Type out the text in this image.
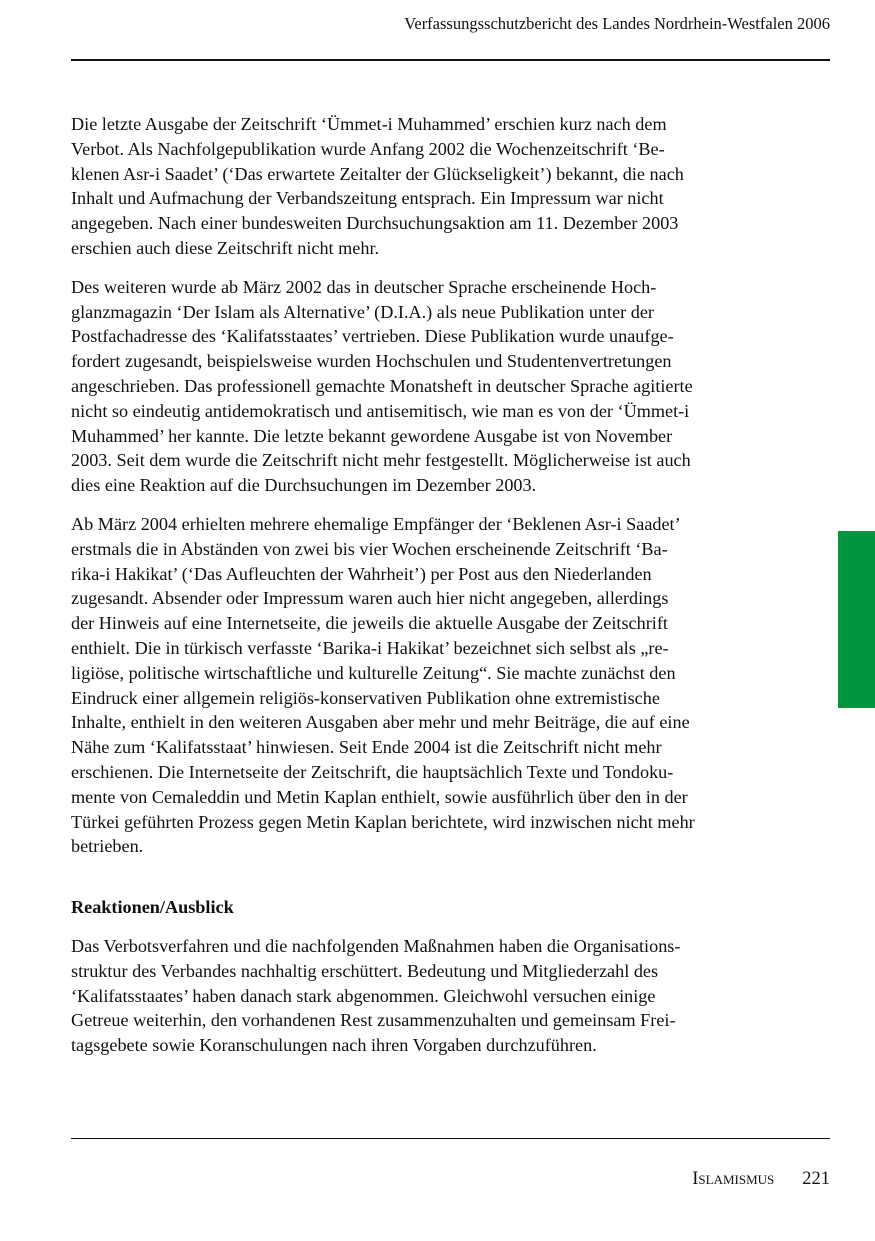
Verfassungsschutzbericht des Landes Nordrhein-Westfalen 2006

Die letzte Ausgabe der Zeitschrift ‘Ümmet-i Muhammed’ erschien kurz nach dem
Verbot. Als Nachfolgepublikation wurde Anfang 2002 die Wochenzeitschrift ‘Be-
klenen Asr-i Saadet’ (‘Das erwartete Zeitalter der Glückseligkeit’) bekannt, die nach
Inhalt und Aufmachung der Verbandszeitung entsprach. Ein Impressum war nicht
angegeben. Nach einer bundesweiten Durchsuchungsaktion am 11. Dezember 2003
erschien auch diese Zeitschrift nicht mehr.

Des weiteren wurde ab März 2002 das in deutscher Sprache erscheinende Hoch-
glanzmagazin ‘Der Islam als Alternative’ (D.I.A.) als neue Publikation unter der
Postfachadresse des ‘Kalifatsstaates’ vertrieben. Diese Publikation wurde unaufge-
fordert zugesandt, beispielsweise wurden Hochschulen und Studentenvertretungen
angeschrieben. Das professionell gemachte Monatsheft in deutscher Sprache agitierte
nicht so eindeutig antidemokratisch und antisemitisch, wie man es von der ‘Ümmet-i
Muhammed’ her kannte. Die letzte bekannt gewordene Ausgabe ist von November
2003. Seit dem wurde die Zeitschrift nicht mehr festgestellt. Möglicherweise ist auch
dies eine Reaktion auf die Durchsuchungen im Dezember 2003.

Ab März 2004 erhielten mehrere ehemalige Empfänger der ‘Beklenen Asr-i Saadet’
erstmals die in Abständen von zwei bis vier Wochen erscheinende Zeitschrift ‘Ba-
rika-i Hakikat’ (‘Das Aufleuchten der Wahrheit’) per Post aus den Niederlanden
zugesandt. Absender oder Impressum waren auch hier nicht angegeben, allerdings
der Hinweis auf eine Internetseite, die jeweils die aktuelle Ausgabe der Zeitschrift
enthielt. Die in türkisch verfasste ‘Barika-i Hakikat’ bezeichnet sich selbst als „re-
ligiöse, politische wirtschaftliche und kulturelle Zeitung“. Sie machte zunächst den
Eindruck einer allgemein religiös-konservativen Publikation ohne extremistische
Inhalte, enthielt in den weiteren Ausgaben aber mehr und mehr Beiträge, die auf eine
Nähe zum ‘Kalifatsstaat’ hinwiesen. Seit Ende 2004 ist die Zeitschrift nicht mehr
erschienen. Die Internetseite der Zeitschrift, die hauptsächlich Texte und Tondoku-
mente von Cemaleddin und Metin Kaplan enthielt, sowie ausführlich über den in der
Türkei geführten Prozess gegen Metin Kaplan berichtete, wird inzwischen nicht mehr
betrieben.

Reaktionen/Ausblick

Das Verbotsverfahren und die nachfolgenden Maßnahmen haben die Organisations-
struktur des Verbandes nachhaltig erschüttert. Bedeutung und Mitgliederzahl des
‘Kalifatsstaates’ haben danach stark abgenommen. Gleichwohl versuchen einige
Getreue weiterhin, den vorhandenen Rest zusammenzuhalten und gemeinsam Frei-
tagsgebete sowie Koranschulungen nach ihren Vorgaben durchzuführen.

Islamismus 221
